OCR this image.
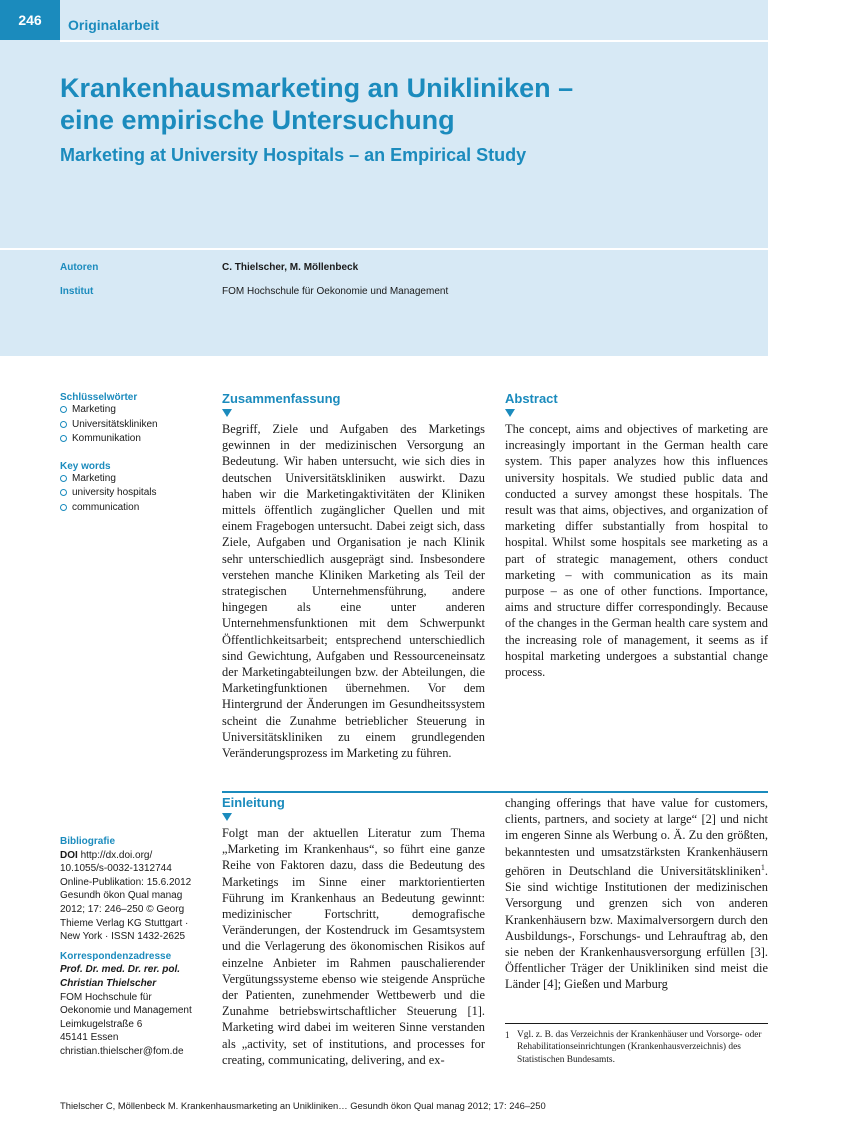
246	Originalarbeit
Krankenhausmarketing an Unikliniken –
eine empirische Untersuchung
Marketing at University Hospitals – an Empirical Study
Autoren	C. Thielscher, M. Möllenbeck
Institut	FOM Hochschule für Oekonomie und Management
Schlüsselwörter
Marketing
Universitätskliniken
Kommunikation
Key words
Marketing
university hospitals
communication
Zusammenfassung
Begriff, Ziele und Aufgaben des Marketings gewinnen in der medizinischen Versorgung an Bedeutung. Wir haben untersucht, wie sich dies in deutschen Universitätskliniken auswirkt. Dazu haben wir die Marketingaktivitäten der Kliniken mittels öffentlich zugänglicher Quellen und mit einem Fragebogen untersucht. Dabei zeigt sich, dass Ziele, Aufgaben und Organisation je nach Klinik sehr unterschiedlich ausgeprägt sind. Insbesondere verstehen manche Kliniken Marketing als Teil der strategischen Unternehmensführung, andere hingegen als eine unter anderen Unternehmensfunktionen mit dem Schwerpunkt Öffentlichkeitsarbeit; entsprechend unterschiedlich sind Gewichtung, Aufgaben und Ressourceneinsatz der Marketingabteilungen bzw. der Abteilungen, die Marketingfunktionen übernehmen. Vor dem Hintergrund der Änderungen im Gesundheitssystem scheint die Zunahme betrieblicher Steuerung in Universitätskliniken zu einem grundlegenden Veränderungsprozess im Marketing zu führen.
Abstract
The concept, aims and objectives of marketing are increasingly important in the German health care system. This paper analyzes how this influences university hospitals. We studied public data and conducted a survey amongst these hospitals. The result was that aims, objectives, and organization of marketing differ substantially from hospital to hospital. Whilst some hospitals see marketing as a part of strategic management, others conduct marketing – with communication as its main purpose – as one of other functions. Importance, aims and structure differ correspondingly. Because of the changes in the German health care system and the increasing role of management, it seems as if hospital marketing undergoes a substantial change process.
Bibliografie
DOI http://dx.doi.org/
10.1055/s-0032-1312744
Online-Publikation: 15.6.2012
Gesundh ökon Qual manag
2012; 17: 246–250 © Georg
Thieme Verlag KG Stuttgart ·
New York · ISSN 1432-2625
Korrespondenzadresse
Prof. Dr. med. Dr. rer. pol.
Christian Thielscher
FOM Hochschule für
Oekonomie und Management
Leimkugelstraße 6
45141 Essen
christian.thielscher@fom.de
Einleitung
Folgt man der aktuellen Literatur zum Thema „Marketing im Krankenhaus“, so führt eine ganze Reihe von Faktoren dazu, dass die Bedeutung des Marketings im Sinne einer marktorientierten Führung im Krankenhaus an Bedeutung gewinnt: medizinischer Fortschritt, demografische Veränderungen, der Kostendruck im Gesamtsystem und die Verlagerung des ökonomischen Risikos auf einzelne Anbieter im Rahmen pauschalierender Vergütungssysteme ebenso wie steigende Ansprüche der Patienten, zunehmender Wettbewerb und die Zunahme betriebswirtschaftlicher Steuerung [1]. Marketing wird dabei im weiteren Sinne verstanden als „activity, set of institutions, and processes for creating, communicating, delivering, and ex-
changing offerings that have value for customers, clients, partners, and society at large“ [2] und nicht im engeren Sinne als Werbung o. Ä. Zu den größten, bekanntesten und umsatzstärksten Krankenhäusern gehören in Deutschland die Universitätskliniken$^1$. Sie sind wichtige Institutionen der medizinischen Versorgung und grenzen sich von anderen Krankenhäusern bzw. Maximalversorgern durch den Ausbildungs-, Forschungs- und Lehrauftrag ab, den sie neben der Krankenhausversorgung erfüllen [3]. Öffentlicher Träger der Unikliniken sind meist die Länder [4]; Gießen und Marburg
1 Vgl. z. B. das Verzeichnis der Krankenhäuser und Vorsorge- oder Rehabilitationseinrichtungen (Krankenhausverzeichnis) des Statistischen Bundesamts.
Thielscher C, Möllenbeck M. Krankenhausmarketing an Unikliniken… Gesundh ökon Qual manag 2012; 17: 246–250
